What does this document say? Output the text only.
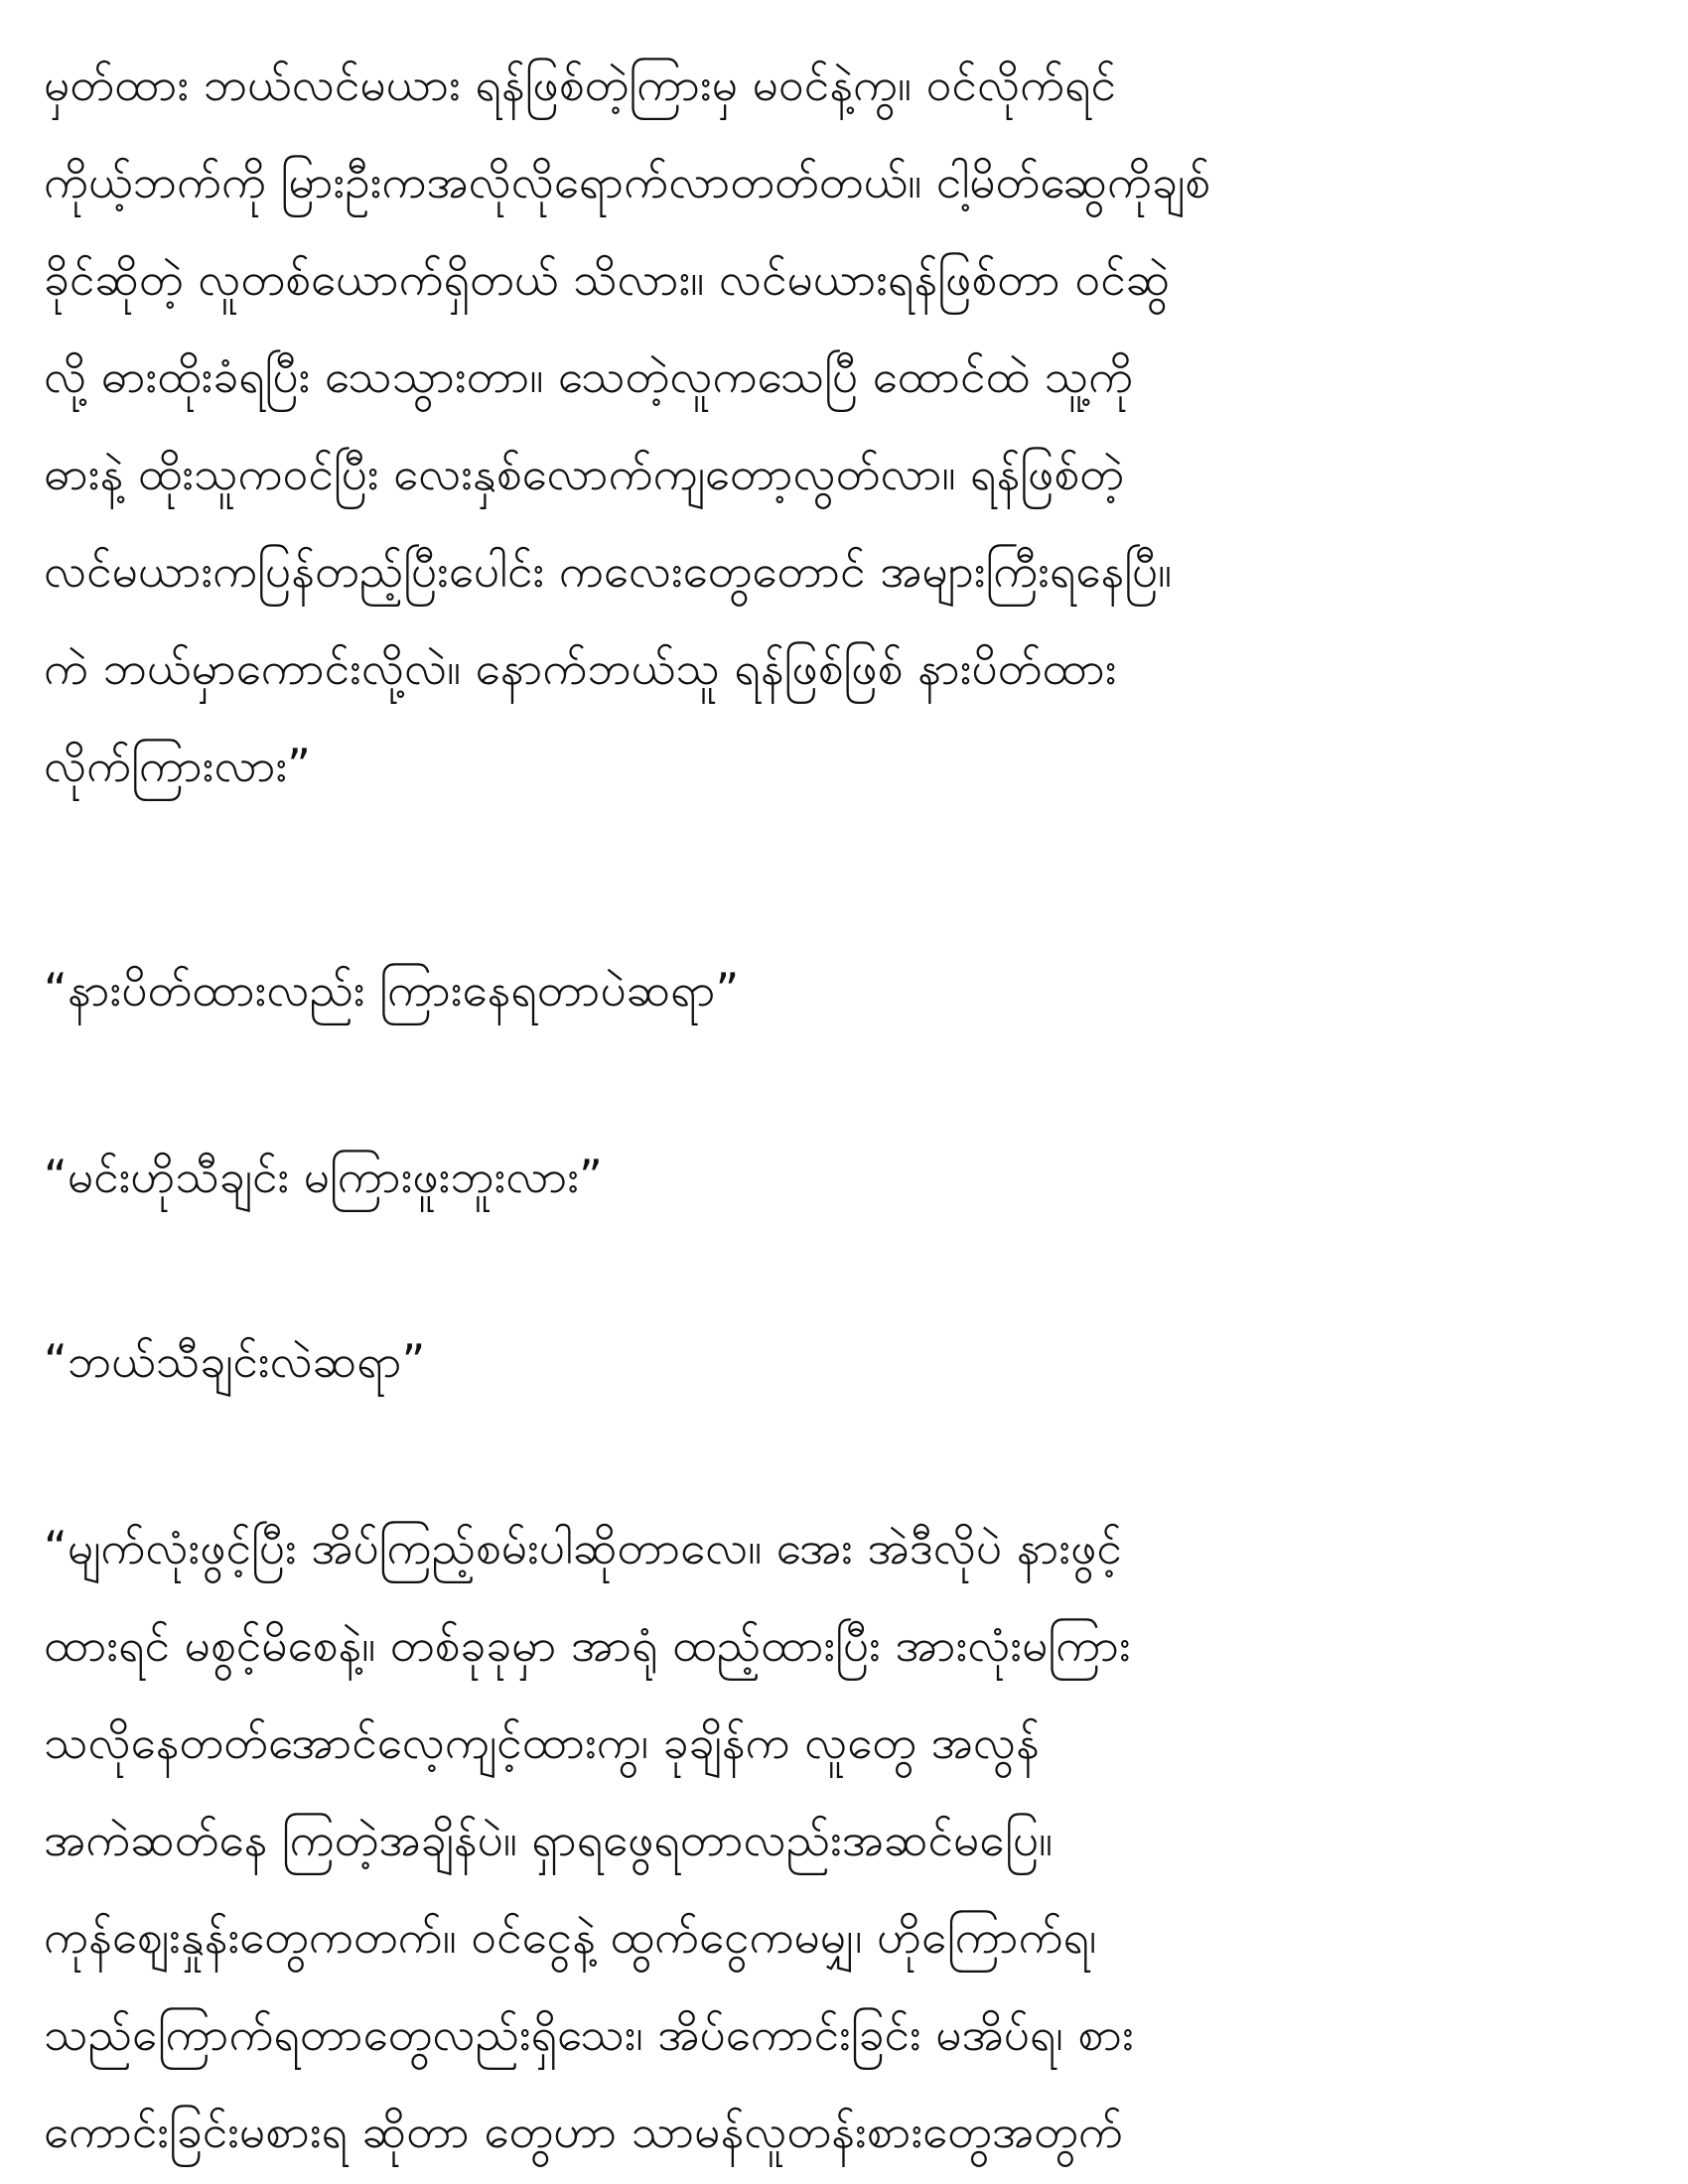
မှတ်ထား ဘယ်လင်မယား ရန်ဖြစ်တဲ့ကြားမှ မဝင်နဲ့ကွ။ ဝင်လိုက်ရင်
ကိုယ့်ဘက်ကို မြားဦးကအလိုလိုရောက်လာတတ်တယ်။ ငါ့မိတ်ဆွေကိုချစ်
ခိုင်ဆိုတဲ့ လူတစ်ယောက်ရှိတယ် သိလား။ လင်မယားရန်ဖြစ်တာ ဝင်ဆွဲ
လို့ ဓားထိုးခံရပြီး သေသွားတာ။ သေတဲ့လူကသေပြီ ထောင်ထဲ သူ့ကို
ဓားနဲ့ ထိုးသူကဝင်ပြီး လေးနှစ်လောက်ကျတော့လွတ်လာ။ ရန်ဖြစ်တဲ့
လင်မယားကပြန်တည့်ပြီးပေါင်း ကလေးတွေတောင် အများကြီးရနေပြီ။
ကဲ ဘယ်မှာကောင်းလို့လဲ။ နောက်ဘယ်သူ ရန်ဖြစ်ဖြစ် နားပိတ်ထား
လိုက်ကြားလား”
“နားပိတ်ထားလည်း ကြားနေရတာပဲဆရာ”
“မင်းဟိုသီချင်း မကြားဖူးဘူးလား”
“ဘယ်သီချင်းလဲဆရာ”
“မျက်လုံးဖွင့်ပြီး အိပ်ကြည့်စမ်းပါဆိုတာလေ။ အေး အဲဒီလိုပဲ နားဖွင့်
ထားရင် မစွင့်မိစေနဲ့။ တစ်ခုခုမှာ အာရုံ ထည့်ထားပြီး အားလုံးမကြား
သလိုနေတတ်အောင်လေ့ကျင့်ထားကွ၊ ခုချိန်က လူတွေ အလွန်
အကဲဆတ်နေ ကြတဲ့အချိန်ပဲ။ ရှာရဖွေရတာလည်းအဆင်မပြေ။
ကုန်ဈေးနှုန်းတွေကတက်။ ဝင်ငွေနဲ့ ထွက်ငွေကမမျှ၊ ဟိုကြောက်ရ၊
သည်ကြောက်ရတာတွေလည်းရှိသေး၊ အိပ်ကောင်းခြင်း မအိပ်ရ၊ စား
ကောင်းခြင်းမစားရ ဆိုတာ တွေဟာ သာမန်လူတန်းစားတွေအတွက်
